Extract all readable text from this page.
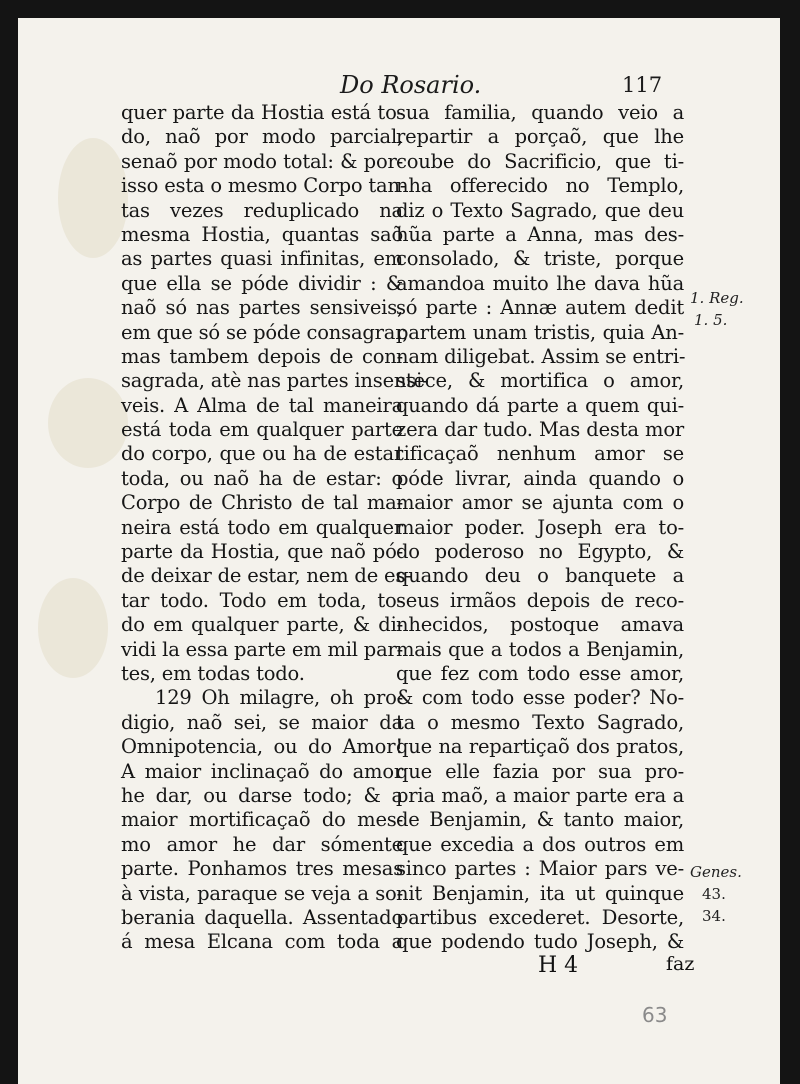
Do Rosario.	117
quer parte da Hostia está to-
do, naõ por modo parcial,
senaõ por modo total: & por-
isso esta o mesmo Corpo tan-
tas vezes reduplicado na
mesma Hostia, quantas saõ
as partes quasi infinitas, em
que ella se póde dividir : &
naõ só nas partes sensiveis,
em que só se póde consagrar,
mas tambem depois de con-
sagrada, atè nas partes insensi-
veis. A Alma de tal maneira
está toda em qualquer parte
do corpo, que ou ha de estar
toda, ou naõ ha de estar: o
Corpo de Christo de tal ma-
neira está todo em qualquer
parte da Hostia, que naõ pó-
de deixar de estar, nem de es-
tar todo. Todo em toda, to-
do em qualquer parte, & di-
vidi la essa parte em mil par-
tes, em todas todo.
129 Oh milagre, oh pro-
digio, naõ sei, se maior da
Omnipotencia, ou do Amor!
A maior inclinaçaõ do amor
he dar, ou darse todo; & a
maior mortificaçaõ do mes-
mo amor he dar sómente
parte. Ponhamos tres mesas
à vista, paraque se veja a so-
berania daquella. Assentado
á mesa Elcana com toda a
sua familia, quando veio a
repartir a porçaõ, que lhe
coube do Sacrificio, que ti-
nha offerecido no Templo,
diz o Texto Sagrado, que deu
hũa parte a Anna, mas des-
consolado, & triste, porque
amandoa muito lhe dava hũa
só parte : Annæ autem dedit
partem unam tristis, quia An-
nam diligebat. Assim se entri-
stece, & mortifica o amor,
quando dá parte a quem qui-
zera dar tudo. Mas desta mor
tificaçaõ nenhum amor se
póde livrar, ainda quando o
maior amor se ajunta com o
maior poder. Joseph era to-
do poderoso no Egypto, &
quando deu o banquete a
seus irmãos depois de reco-
nhecidos, postoque amava
mais que a todos a Benjamin,
que fez com todo esse amor,
& com todo esse poder? No-
ta o mesmo Texto Sagrado,
que na repartiçaõ dos pratos,
que elle fazia por sua pro-
pria maõ, a maior parte era a
de Benjamin, & tanto maior,
que excedia a dos outros em
sinco partes : Maior pars ve-
nit Benjamin, ita ut quinque
partibus excederet. Desorte,
que podendo tudo Joseph, &
1. Reg.
1. 5.
Genes.
43.
34.
H 4	faz
63
